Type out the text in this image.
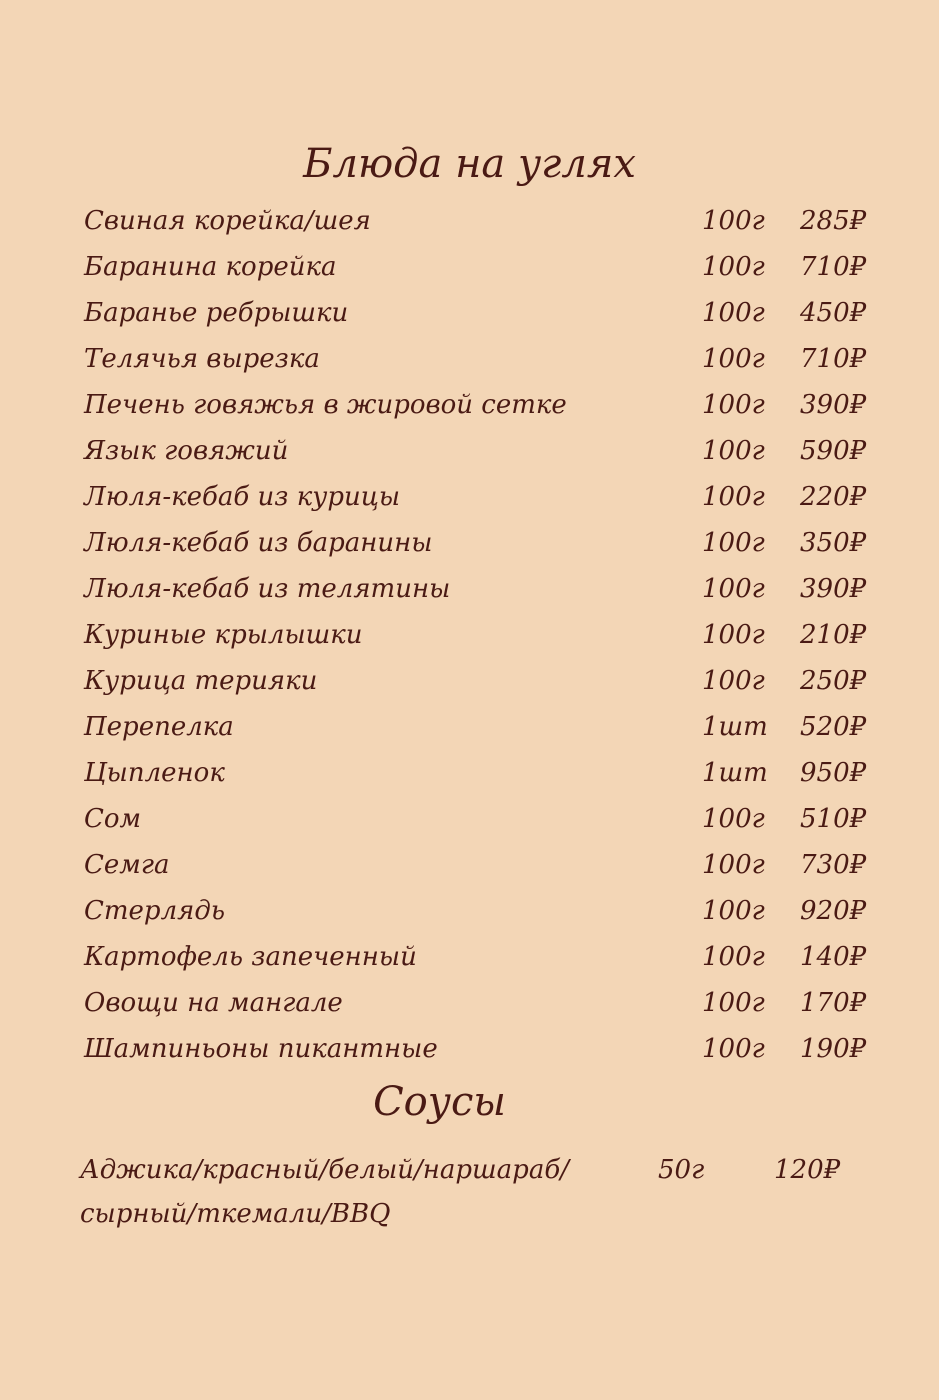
Блюда на углях
Свиная корейка/шея	100г 285₽
Баранина корейка	100г 710₽
Баранье ребрышки	100г 450₽
Телячья вырезка	100г 710₽
Печень говяжья в жировой сетке	100г 390₽
Язык говяжий	100г 590₽
Люля-кебаб из курицы	100г 220₽
Люля-кебаб из баранины	100г 350₽
Люля-кебаб из телятины	100г 390₽
Куриные крылышки	100г 210₽
Курица терияки	100г 250₽
Перепелка	1шт 520₽
Цыпленок	1шт 950₽
Сом	100г 510₽
Семга	100г 730₽
Стерлядь	100г 920₽
Картофель запеченный	100г 140₽
Овощи на мангале	100г 170₽
Шампиньоны пикантные	100г 190₽
Соусы
Аджика/красный/белый/наршараб/
сырный/ткемали/BBQ
50г	120₽
